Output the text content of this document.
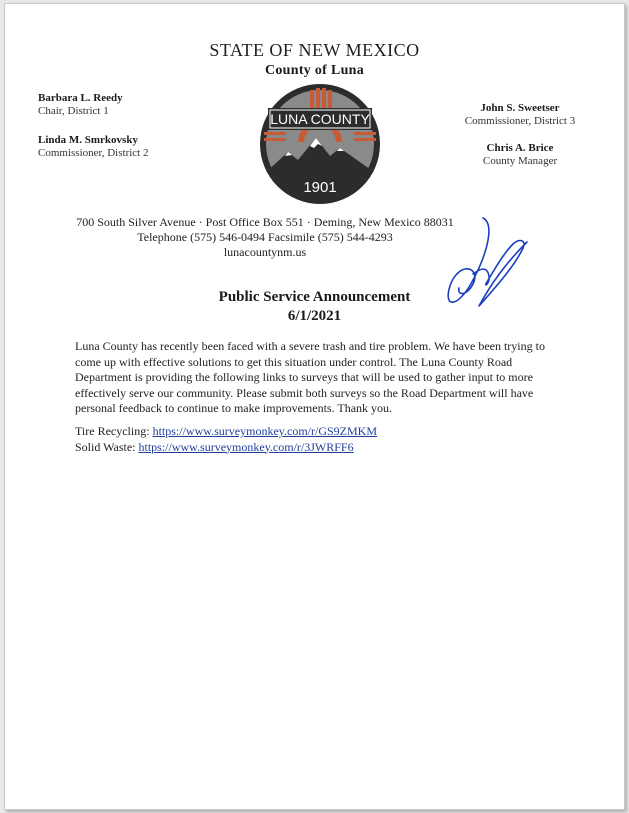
STATE OF NEW MEXICO
County of Luna
Barbara L. Reedy
Chair, District 1
Linda M. Smrkovsky
Commissioner, District 2
John S. Sweetser
Commissioner, District 3
Chris A. Brice
County Manager
LUNA COUNTY
1901
700 South Silver Avenue · Post Office Box 551 · Deming, New Mexico 88031
Telephone (575) 546-0494 Facsimile (575) 544-4293
lunacountynm.us
Public Service Announcement
6/1/2021
Luna County has recently been faced with a severe trash and tire problem. We have been trying to come up with effective solutions to get this situation under control. The Luna County Road Department is providing the following links to surveys that will be used to gather input to more effectively serve our community. Please submit both surveys so the Road Department will have personal feedback to continue to make improvements. Thank you.
Tire Recycling: https://www.surveymonkey.com/r/GS9ZMKM
Solid Waste: https://www.surveymonkey.com/r/3JWRFF6
